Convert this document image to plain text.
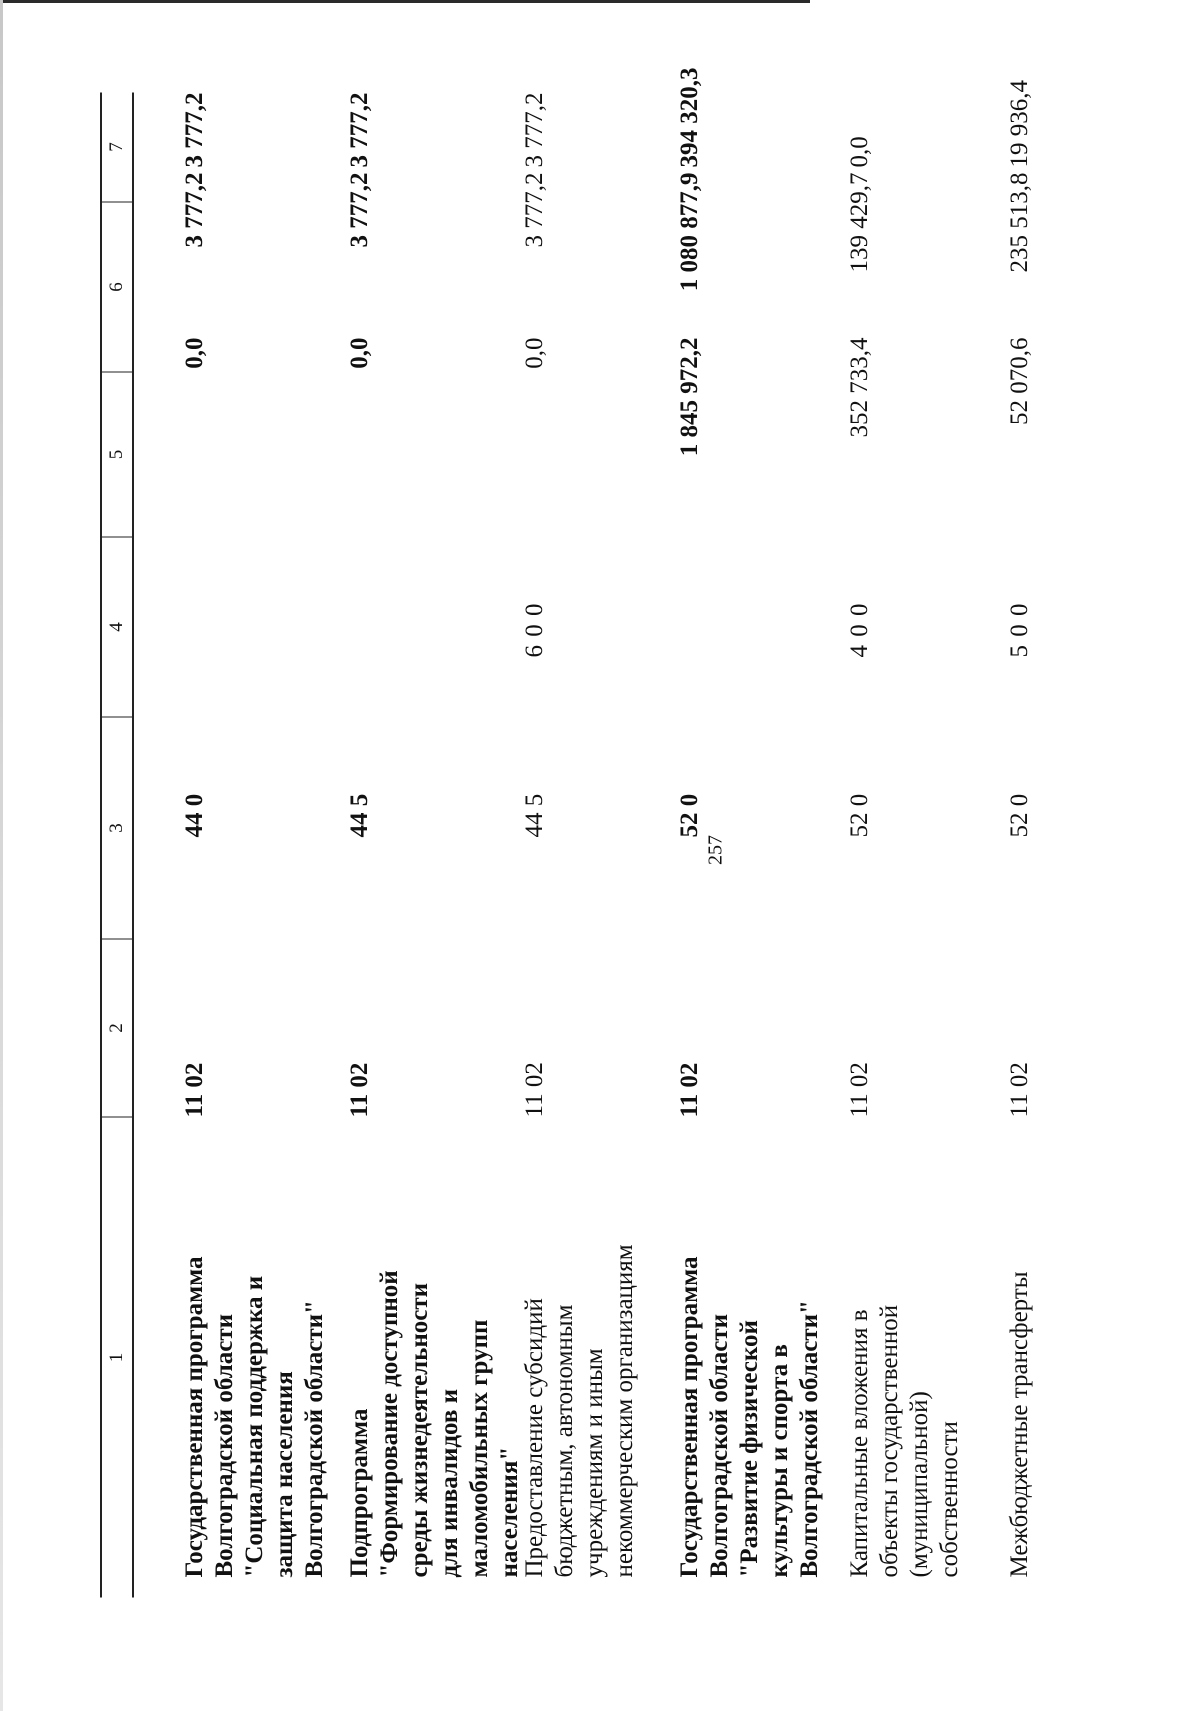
257
1
2
3
4
5
6
7
Государственная программа Волгоградской области "Социальная поддержка и защита населения Волгоградской области"
11 02
44 0
0,0
3 777,2
3 777,2
Подпрограмма "Формирование доступной среды жизнедеятельности для инвалидов и маломобильных групп населения"
11 02
44 5
0,0
3 777,2
3 777,2
Предоставление субсидий бюджетным, автономным учреждениям и иным некоммерческим организациям
11 02
44 5
6 0 0
0,0
3 777,2
3 777,2
Государственная программа Волгоградской области "Развитие физической культуры и спорта в Волгоградской области"
11 02
52 0
1 845 972,2
1 080 877,9
394 320,3
Капитальные вложения в объекты государственной (муниципальной) собственности
11 02
52 0
4 0 0
352 733,4
139 429,7
0,0
Межбюджетные трансферты
11 02
52 0
5 0 0
52 070,6
235 513,8
19 936,4
